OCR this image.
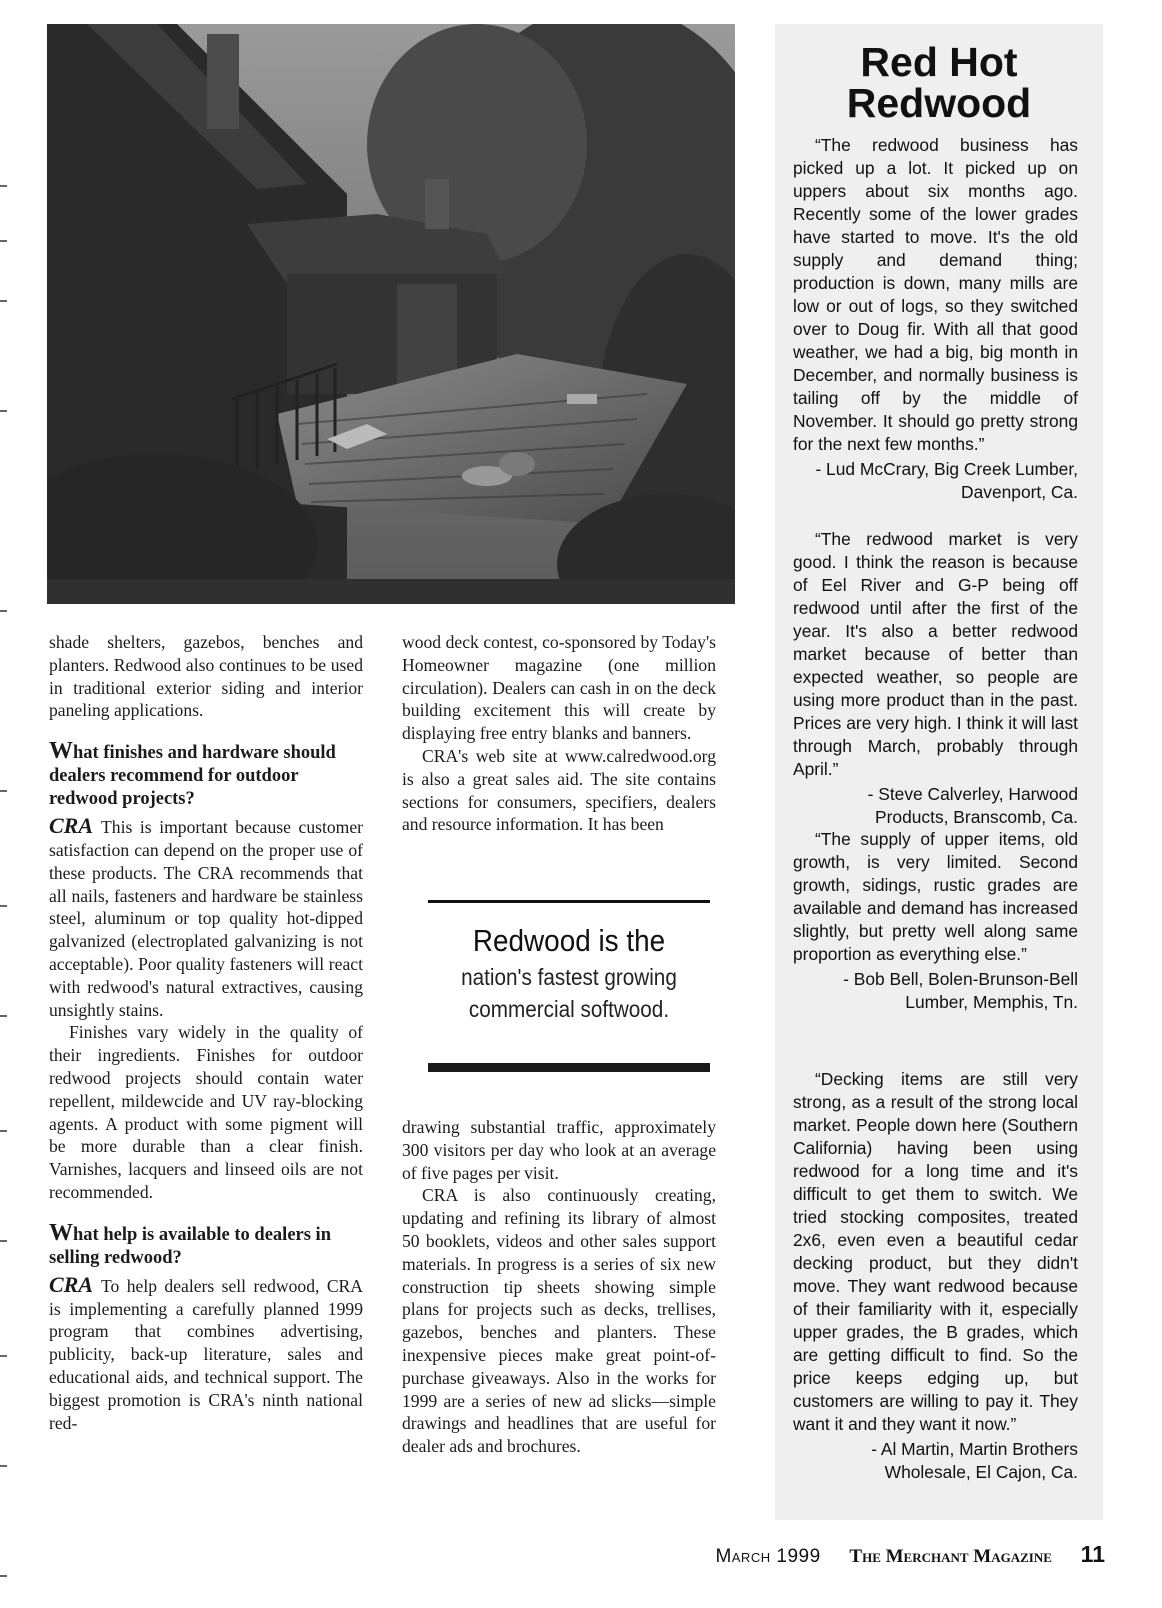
Red Hot
Redwood

“The redwood business has picked up a lot. It picked up on uppers about six months ago. Recently some of the lower grades have started to move. It's the old supply and demand thing; production is down, many mills are low or out of logs, so they switched over to Doug fir. With all that good weather, we had a big, big month in December, and normally business is tailing off by the middle of November. It should go pretty strong for the next few months.”

- Lud McCrary, Big Creek Lumber,
Davenport, Ca.

“The redwood market is very good. I think the reason is because of Eel River and G-P being off redwood until after the first of the year. It's also a better redwood market because of better than expected weather, so people are using more product than in the past. Prices are very high. I think it will last through March, probably through April.”

- Steve Calverley, Harwood
Products, Branscomb, Ca.

“The supply of upper items, old growth, is very limited. Second growth, sidings, rustic grades are available and demand has increased slightly, but pretty well along same proportion as everything else.”

- Bob Bell, Bolen-Brunson-Bell
Lumber, Memphis, Tn.

“Decking items are still very strong, as a result of the strong local market. People down here (Southern California) having been using redwood for a long time and it's difficult to get them to switch. We tried stocking composites, treated 2x6, even even a beautiful cedar decking product, but they didn't move. They want redwood because of their familiarity with it, especially upper grades, the B grades, which are getting difficult to find. So the price keeps edging up, but customers are willing to pay it. They want it and they want it now.”

- Al Martin, Martin Brothers
Wholesale, El Cajon, Ca.

shade shelters, gazebos, benches and planters. Redwood also continues to be used in traditional exterior siding and interior paneling applications.

What finishes and hardware should dealers recommend for outdoor redwood projects?

CRA This is important because customer satisfaction can depend on the proper use of these products. The CRA recommends that all nails, fasteners and hardware be stainless steel, aluminum or top quality hot-dipped galvanized (electroplated galvanizing is not acceptable). Poor quality fasteners will react with redwood's natural extractives, causing unsightly stains.

Finishes vary widely in the quality of their ingredients. Finishes for outdoor redwood projects should contain water repellent, mildewcide and UV ray-blocking agents. A product with some pigment will be more durable than a clear finish. Varnishes, lacquers and linseed oils are not recommended.

What help is available to dealers in selling redwood?

CRA To help dealers sell redwood, CRA is implementing a carefully planned 1999 program that combines advertising, publicity, back-up literature, sales and educational aids, and technical support. The biggest promotion is CRA's ninth national red-

wood deck contest, co-sponsored by Today's Homeowner magazine (one million circulation). Dealers can cash in on the deck building excitement this will create by displaying free entry blanks and banners.

CRA's web site at www.calredwood.org is also a great sales aid. The site contains sections for consumers, specifiers, dealers and resource information. It has been

Redwood is the
nation's fastest growing
commercial softwood.

drawing substantial traffic, approximately 300 visitors per day who look at an average of five pages per visit.

CRA is also continuously creating, updating and refining its library of almost 50 booklets, videos and other sales support materials. In progress is a series of six new construction tip sheets showing simple plans for projects such as decks, trellises, gazebos, benches and planters. These inexpensive pieces make great point-of-purchase giveaways. Also in the works for 1999 are a series of new ad slicks—simple drawings and headlines that are useful for dealer ads and brochures.

March 1999 The Merchant Magazine 11
